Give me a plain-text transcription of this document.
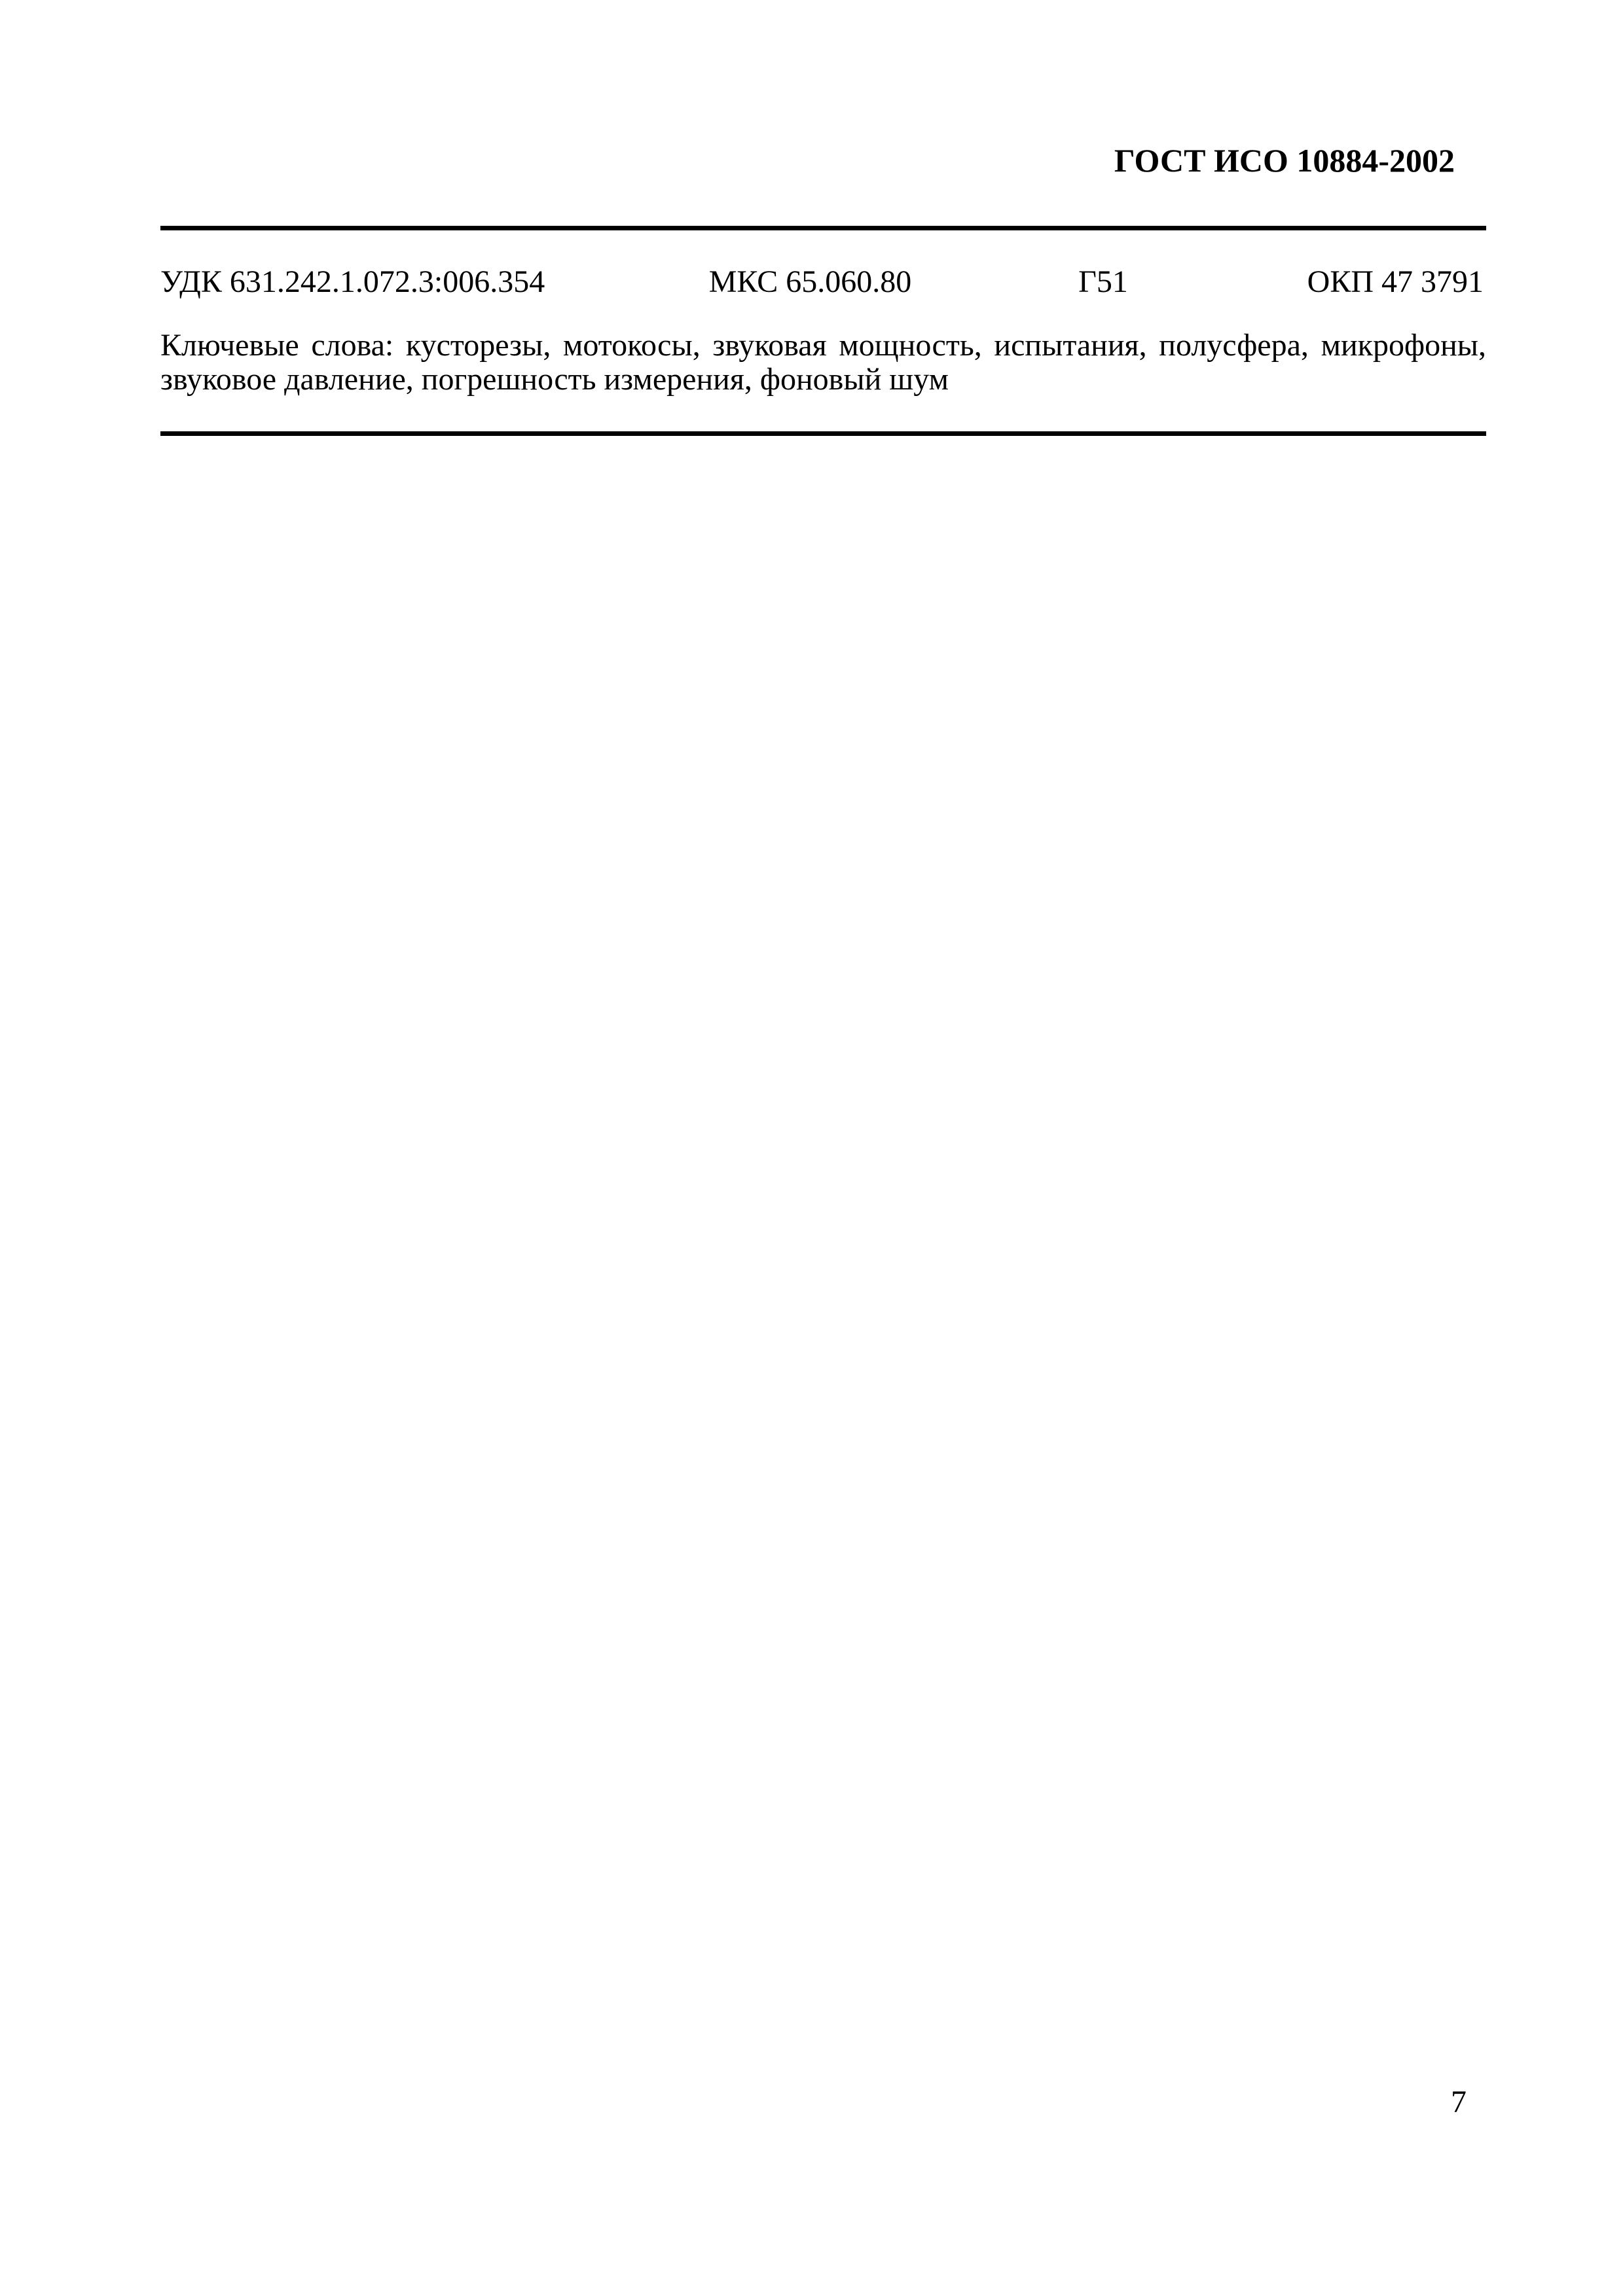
ГОСТ ИСО 10884-2002
УДК 631.242.1.072.3:006.354	МКС 65.060.80	Г51	ОКП 47 3791
Ключевые слова: кусторезы, мотокосы, звуковая мощность, испытания, полусфера, микрофоны,
звуковое давление, погрешность измерения, фоновый шум
7
